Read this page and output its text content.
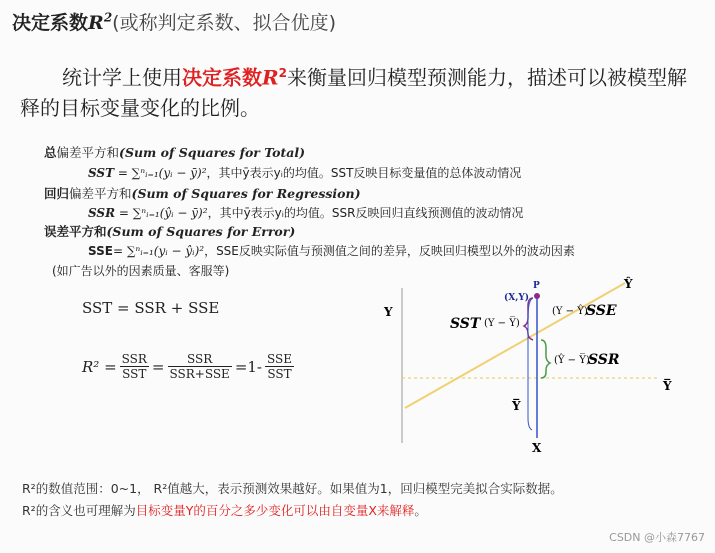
决定系数$R^2$(或称判定系数、拟合优度)
统计学上使用决定系数$R^2$来衡量回归模型预测能力，描述可以被模型解释的目标变量变化的比例。
总偏差平方和(Sum of Squares for Total)
SST = ∑ⁿᵢ₌₁(yᵢ − ȳ)²，其中ȳ表示yᵢ的均值。SST反映目标变量值的总体波动情况
回归偏差平方和(Sum of Squares for Regression)
SSR = ∑ⁿᵢ₌₁(ŷᵢ − ȳ)²，其中ȳ表示yᵢ的均值。SSR反映回归直线预测值的波动情况
误差平方和(Sum of Squares for Error)
SSE= ∑ⁿᵢ₌₁(yᵢ − ŷᵢ)²，SSE反映实际值与预测值之间的差异，反映回归模型以外的波动因素
(如广告以外的因素质量、客服等)
SST = SSR + SSE
$R^2 = \frac{\text{SSR}}{\text{SST}} = \frac{\text{SSR}}{\text{SSR+SSE}} =1- \frac{\text{SSE}}{\text{SST}}$
Y
X
Ŷ
Y̅
Y̅
(X,Y)
P
SST (Y − Y̅)
(Y − Ŷ)
SSE
(Ŷ − Y̅)
SSR
R²的数值范围：0~1， R²值越大，表示预测效果越好。如果值为1，回归模型完美拟合实际数据。
R²的含义也可理解为目标变量Y的百分之多少变化可以由自变量X来解释。
CSDN @小森7767
